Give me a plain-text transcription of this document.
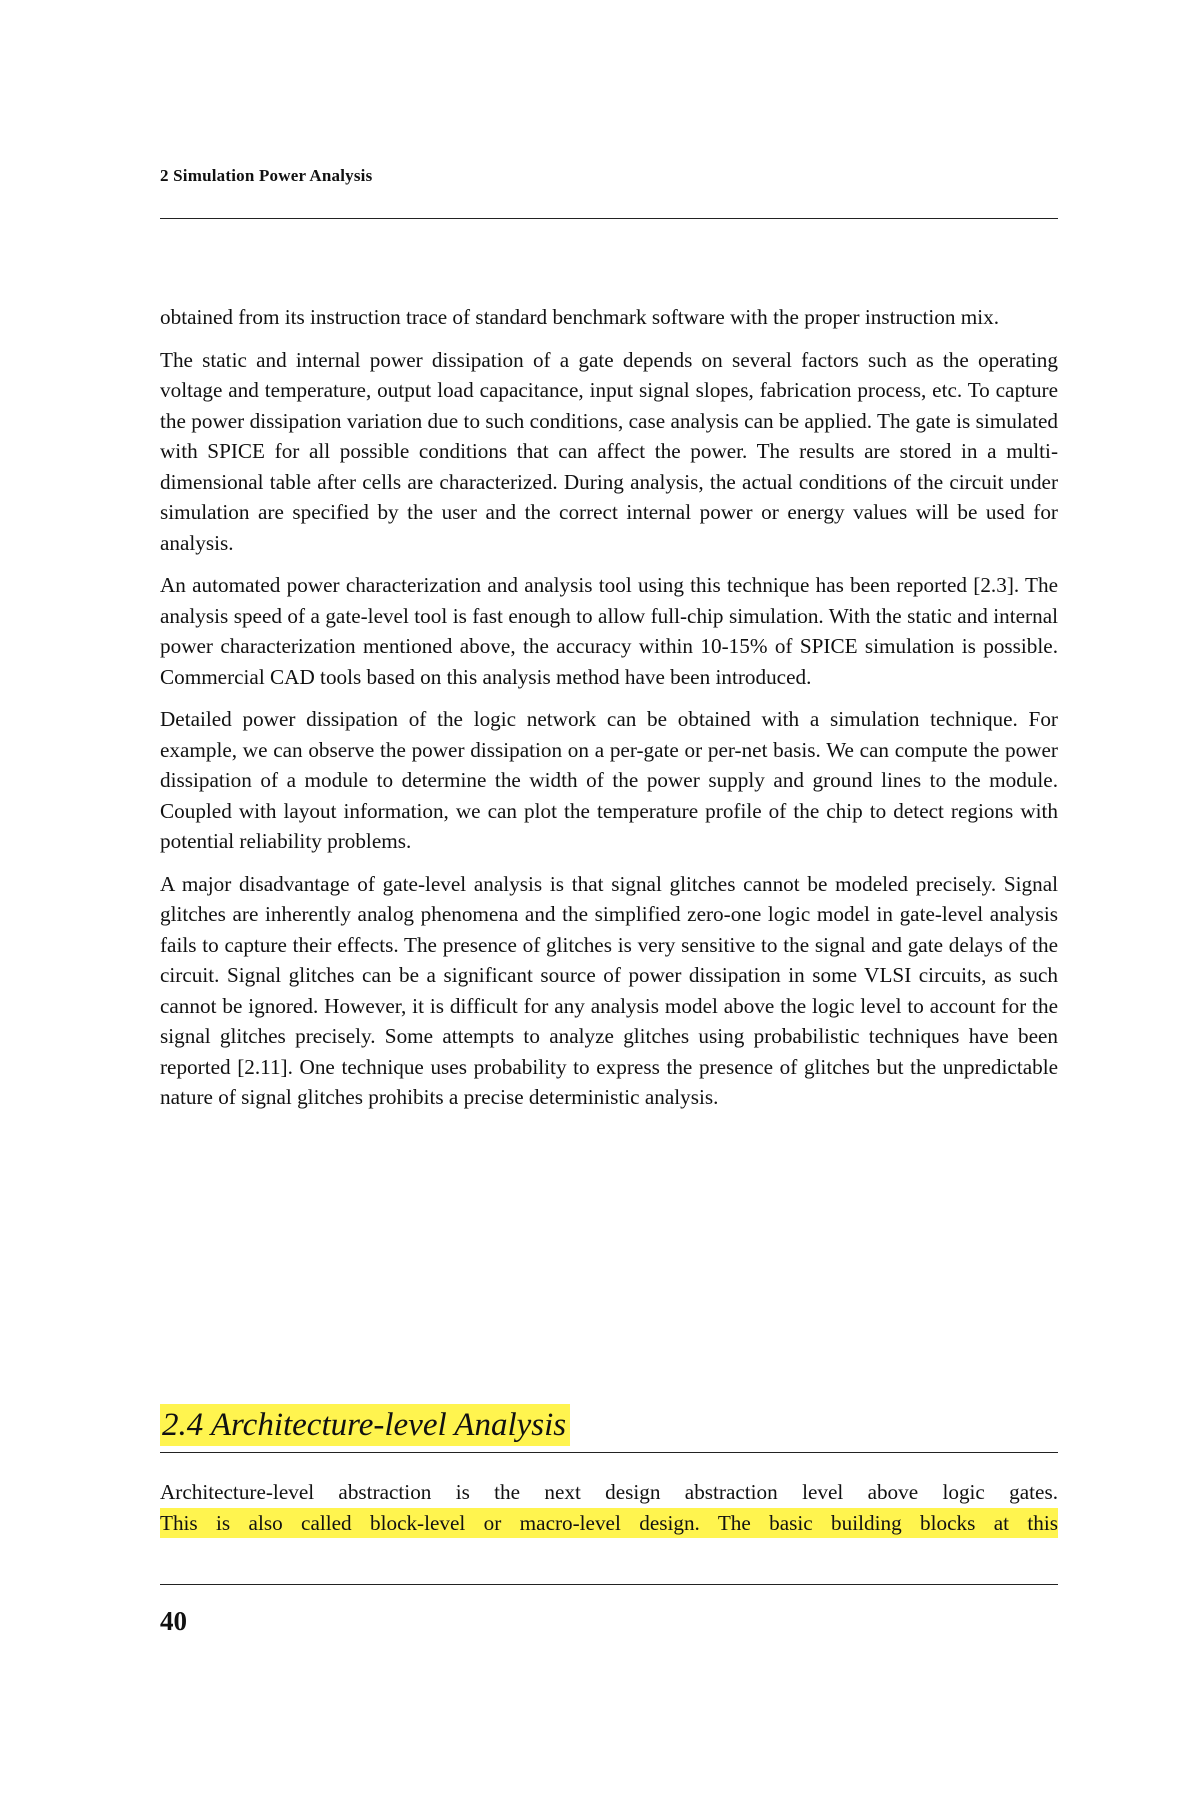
2 Simulation Power Analysis

obtained from its instruction trace of standard benchmark software with the proper instruction mix.

The static and internal power dissipation of a gate depends on several factors such as the operating voltage and temperature, output load capacitance, input signal slopes, fabrication process, etc. To capture the power dissipation variation due to such conditions, case analysis can be applied. The gate is simulated with SPICE for all possible conditions that can affect the power. The results are stored in a multi-dimensional table after cells are characterized. During analysis, the actual conditions of the circuit under simulation are specified by the user and the correct internal power or energy values will be used for analysis.

An automated power characterization and analysis tool using this technique has been reported [2.3]. The analysis speed of a gate-level tool is fast enough to allow full-chip simulation. With the static and internal power characterization mentioned above, the accuracy within 10-15% of SPICE simulation is possible. Commercial CAD tools based on this analysis method have been introduced.

Detailed power dissipation of the logic network can be obtained with a simulation technique. For example, we can observe the power dissipation on a per-gate or per-net basis. We can compute the power dissipation of a module to determine the width of the power supply and ground lines to the module. Coupled with layout information, we can plot the temperature profile of the chip to detect regions with potential reliability problems.

A major disadvantage of gate-level analysis is that signal glitches cannot be modeled precisely. Signal glitches are inherently analog phenomena and the simplified zero-one logic model in gate-level analysis fails to capture their effects. The presence of glitches is very sensitive to the signal and gate delays of the circuit. Signal glitches can be a significant source of power dissipation in some VLSI circuits, as such cannot be ignored. However, it is difficult for any analysis model above the logic level to account for the signal glitches precisely. Some attempts to analyze glitches using probabilistic techniques have been reported [2.11]. One technique uses probability to express the presence of glitches but the unpredictable nature of signal glitches prohibits a precise deterministic analysis.

2.4 Architecture-level Analysis

Architecture-level abstraction is the next design abstraction level above logic gates.
This is also called block-level or macro-level design. The basic building blocks at this

40
